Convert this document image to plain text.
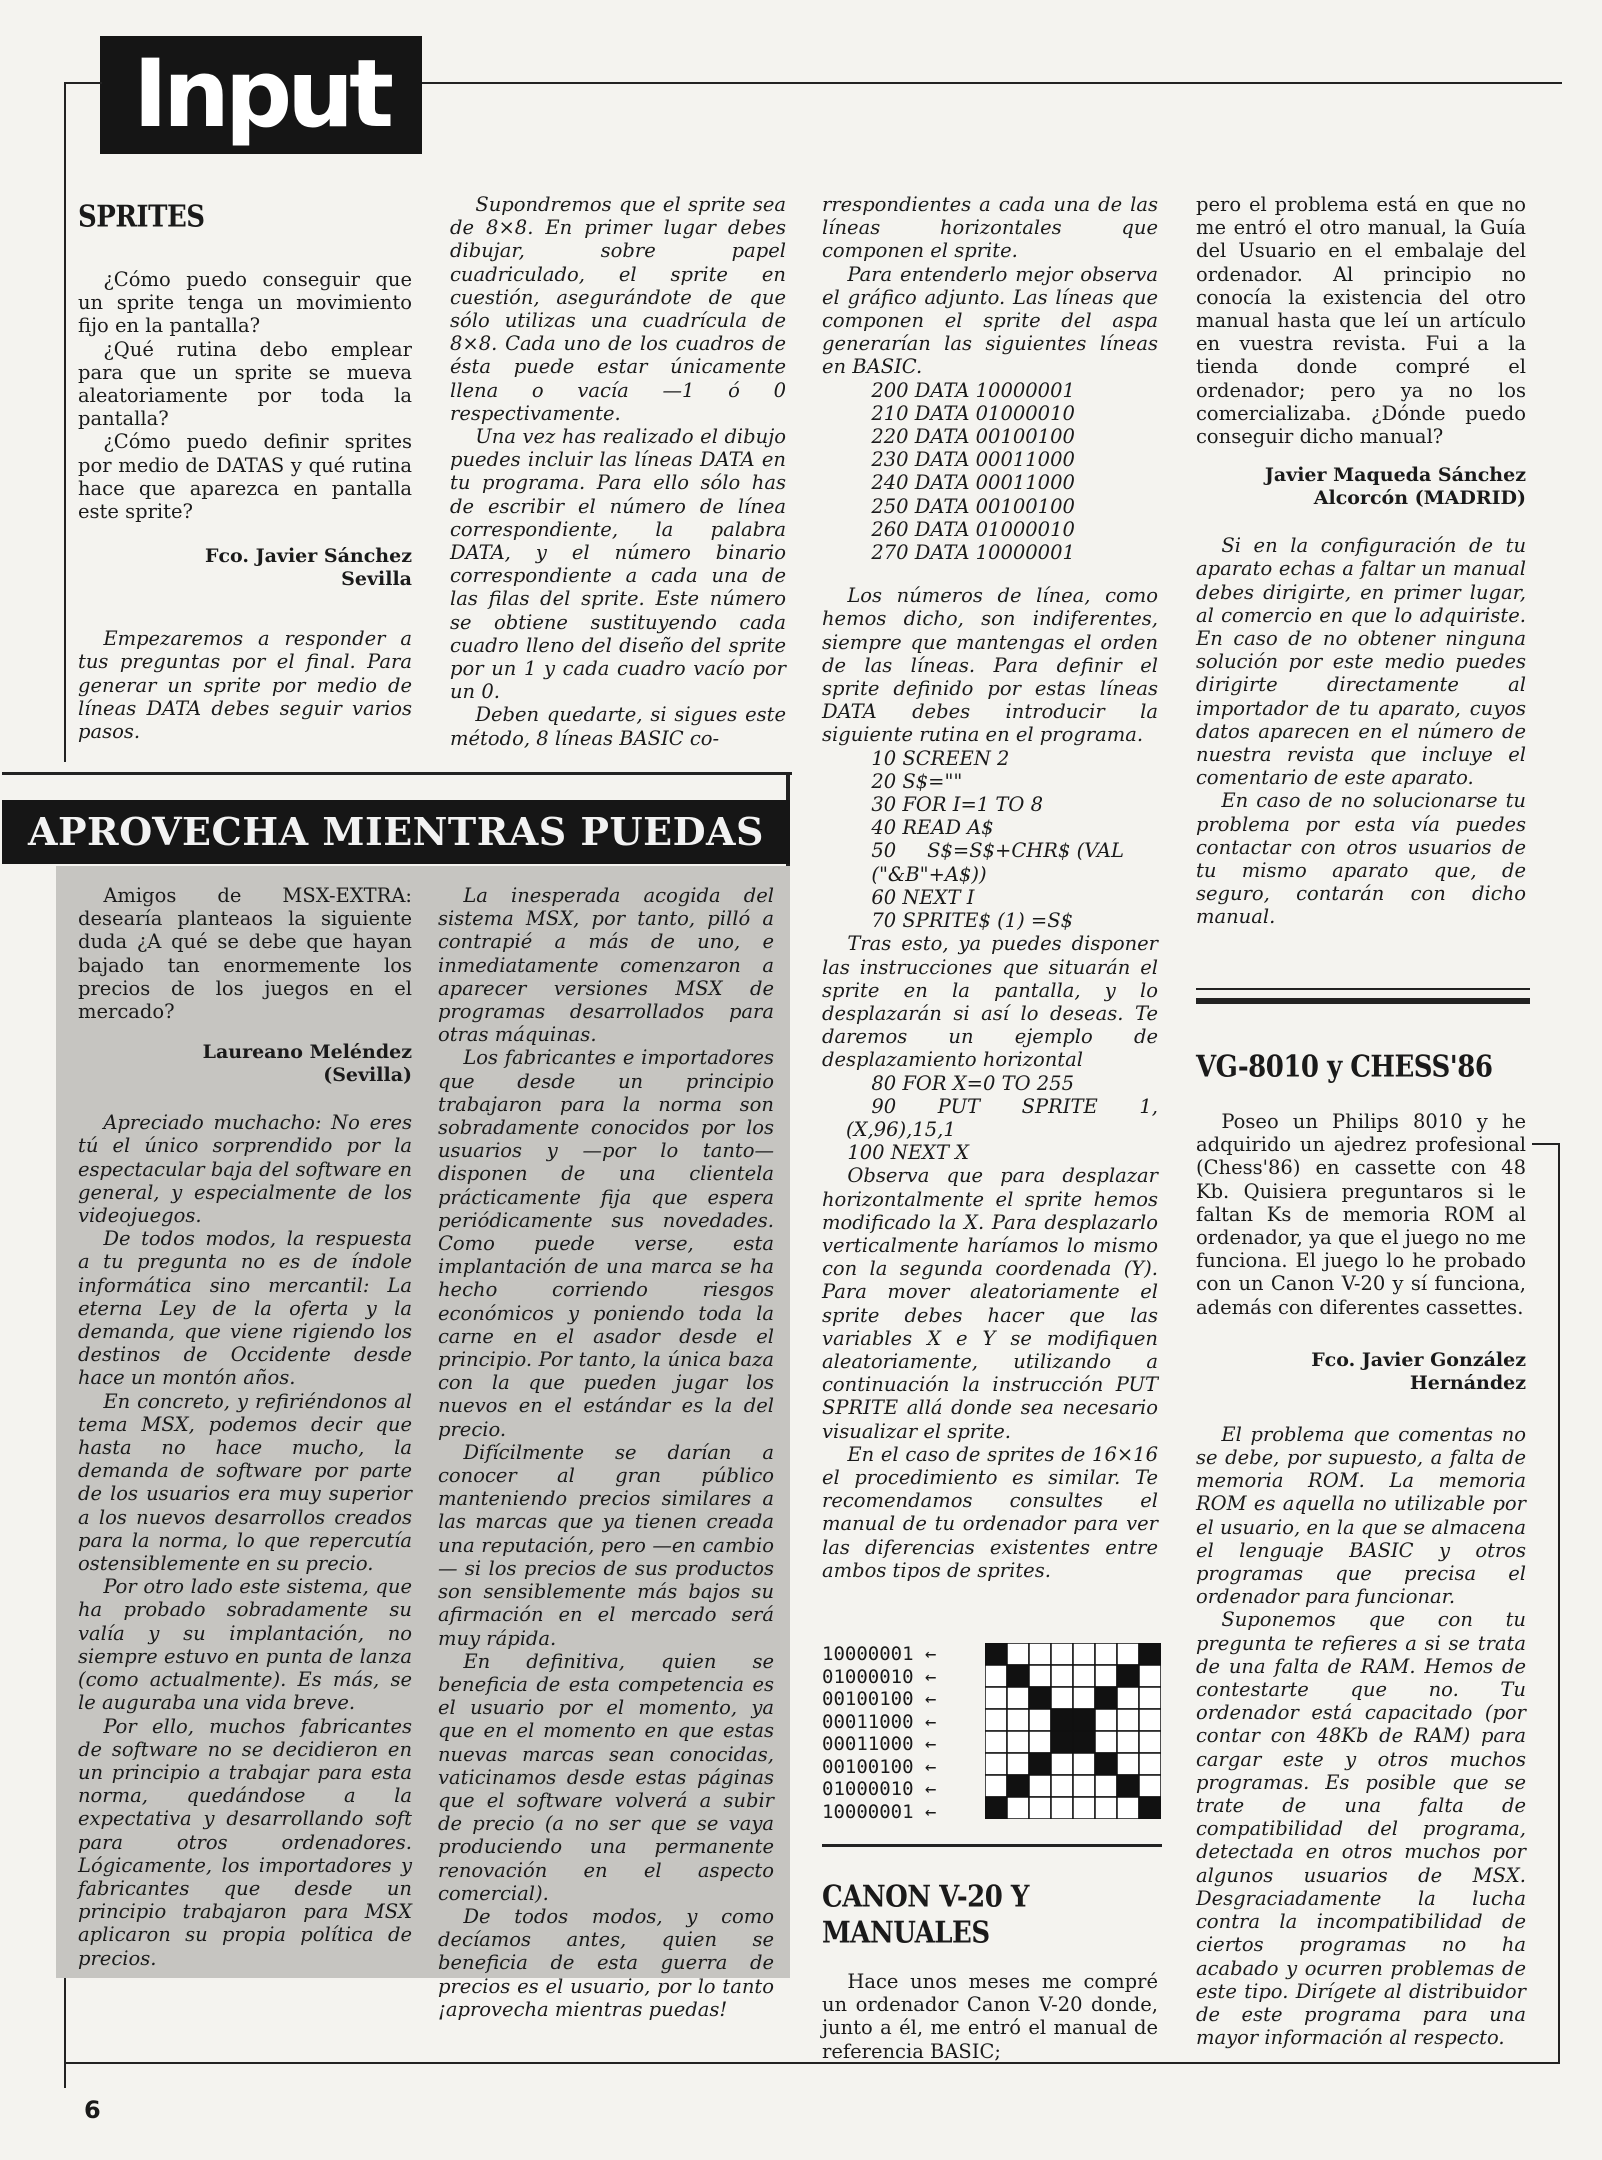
Input
SPRITES

¿Cómo puedo conseguir que un sprite tenga un movimiento fijo en la pantalla?

¿Qué rutina debo emplear para que un sprite se mueva aleatoriamente por toda la pantalla?

¿Cómo puedo definir sprites por medio de DATAS y qué rutina hace que aparezca en pantalla este sprite?

Fco. Javier Sánchez

Sevilla

Empezaremos a responder a tus preguntas por el final. Para generar un sprite por medio de líneas DATA debes seguir varios pasos.

Supondremos que el sprite sea de 8×8. En primer lugar debes dibujar, sobre papel cuadriculado, el sprite en cuestión, asegurándote de que sólo utilizas una cuadrícula de 8×8. Cada uno de los cuadros de ésta puede estar únicamente llena o vacía —1 ó 0 respectivamente.

Una vez has realizado el dibujo puedes incluir las líneas DATA en tu programa. Para ello sólo has de escribir el número de línea correspondiente, la palabra DATA, y el número binario correspondiente a cada una de las filas del sprite. Este número se obtiene sustituyendo cada cuadro lleno del diseño del sprite por un 1 y cada cuadro vacío por un 0.

Deben quedarte, si sigues este método, 8 líneas BASIC co-

rrespondientes a cada una de las líneas horizontales que componen el sprite.

Para entenderlo mejor observa el gráfico adjunto. Las líneas que componen el sprite del aspa generarían las siguientes líneas en BASIC.

200 DATA 10000001

210 DATA 01000010

220 DATA 00100100

230 DATA 00011000

240 DATA 00011000

250 DATA 00100100

260 DATA 01000010

270 DATA 10000001

Los números de línea, como hemos dicho, son indiferentes, siempre que mantengas el orden de las líneas. Para definir el sprite definido por estas líneas DATA debes introducir la siguiente rutina en el programa.

10 SCREEN 2

20 S$=""

30 FOR I=1 TO 8

40 READ A$

50     S$=S$+CHR$ (VAL

("&B"+A$))

60 NEXT I

70 SPRITE$ (1) =S$

Tras esto, ya puedes disponer las instrucciones que situarán el sprite en la pantalla, y lo desplazarán si así lo deseas. Te daremos un ejemplo de desplazamiento horizontal

80 FOR X=0 TO 255

90 PUT SPRITE 1, (X,96),15,1

100 NEXT X

Observa que para desplazar horizontalmente el sprite hemos modificado la X. Para desplazarlo verticalmente haríamos lo mismo con la segunda coordenada (Y). Para mover aleatoriamente el sprite debes hacer que las variables X e Y se modifiquen aleatoriamente, utilizando a continuación la instrucción PUT SPRITE allá donde sea necesario visualizar el sprite.

En el caso de sprites de 16×16 el procedimiento es similar. Te recomendamos consultes el manual de tu ordenador para ver las diferencias existentes entre ambos tipos de sprites.

10000001 ←

01000010 ←

00100100 ←

00011000 ←

00011000 ←

00100100 ←

01000010 ←

10000001 ←

CANON V-20 Y
MANUALES

Hace unos meses me compré un ordenador Canon V-20 donde, junto a él, me entró el manual de referencia BASIC;

pero el problema está en que no me entró el otro manual, la Guía del Usuario en el embalaje del ordenador. Al principio no conocía la existencia del otro manual hasta que leí un artículo en vuestra revista. Fui a la tienda donde compré el ordenador; pero ya no los comercializaba. ¿Dónde puedo conseguir dicho manual?

Javier Maqueda Sánchez

Alcorcón (MADRID)

Si en la configuración de tu aparato echas a faltar un manual debes dirigirte, en primer lugar, al comercio en que lo adquiriste. En caso de no obtener ninguna solución por este medio puedes dirigirte directamente al importador de tu aparato, cuyos datos aparecen en el número de nuestra revista que incluye el comentario de este aparato.

En caso de no solucionarse tu problema por esta vía puedes contactar con otros usuarios de tu mismo aparato que, de seguro, contarán con dicho manual.

VG-8010 y CHESS'86

Poseo un Philips 8010 y he adquirido un ajedrez profesional (Chess'86) en cassette con 48 Kb. Quisiera preguntaros si le faltan Ks de memoria ROM al ordenador, ya que el juego no me funciona. El juego lo he probado con un Canon V-20 y sí funciona, además con diferentes cassettes.

Fco. Javier González

Hernández

El problema que comentas no se debe, por supuesto, a falta de memoria ROM. La memoria ROM es aquella no utilizable por el usuario, en la que se almacena el lenguaje BASIC y otros programas que precisa el ordenador para funcionar.

Suponemos que con tu pregunta te refieres a si se trata de una falta de RAM. Hemos de contestarte que no. Tu ordenador está capacitado (por contar con 48Kb de RAM) para cargar este y otros muchos programas. Es posible que se trate de una falta de compatibilidad del programa, detectada en otros muchos por algunos usuarios de MSX. Desgraciadamente la lucha contra la incompatibilidad de ciertos programas no ha acabado y ocurren problemas de este tipo. Dirígete al distribuidor de este programa para una mayor información al respecto.

APROVECHA MIENTRAS PUEDAS

Amigos de MSX-EXTRA: desearía planteaos la siguiente duda ¿A qué se debe que hayan bajado tan enormemente los precios de los juegos en el mercado?

Laureano Meléndez

(Sevilla)

Apreciado muchacho: No eres tú el único sorprendido por la espectacular baja del software en general, y especialmente de los videojuegos.

De todos modos, la respuesta a tu pregunta no es de índole informática sino mercantil: La eterna Ley de la oferta y la demanda, que viene rigiendo los destinos de Occidente desde hace un montón años.

En concreto, y refiriéndonos al tema MSX, podemos decir que hasta no hace mucho, la demanda de software por parte de los usuarios era muy superior a los nuevos desarrollos creados para la norma, lo que repercutía ostensiblemente en su precio.

Por otro lado este sistema, que ha probado sobradamente su valía y su implantación, no siempre estuvo en punta de lanza (como actualmente). Es más, se le auguraba una vida breve.

Por ello, muchos fabricantes de software no se decidieron en un principio a trabajar para esta norma, quedándose a la expectativa y desarrollando soft para otros ordenadores. Lógicamente, los importadores y fabricantes que desde un principio trabajaron para MSX aplicaron su propia política de precios.

La inesperada acogida del sistema MSX, por tanto, pilló a contrapié a más de uno, e inmediatamente comenzaron a aparecer versiones MSX de programas desarrollados para otras máquinas.

Los fabricantes e importadores que desde un principio trabajaron para la norma son sobradamente conocidos por los usuarios y —por lo tanto— disponen de una clientela prácticamente fija que espera periódicamente sus novedades. Como puede verse, esta implantación de una marca se ha hecho corriendo riesgos económicos y poniendo toda la carne en el asador desde el principio. Por tanto, la única baza con la que pueden jugar los nuevos en el estándar es la del precio.

Difícilmente se darían a conocer al gran público manteniendo precios similares a las marcas que ya tienen creada una reputación, pero —en cambio— si los precios de sus productos son sensiblemente más bajos su afirmación en el mercado será muy rápida.

En definitiva, quien se beneficia de esta competencia es el usuario por el momento, ya que en el momento en que estas nuevas marcas sean conocidas, vaticinamos desde estas páginas que el software volverá a subir de precio (a no ser que se vaya produciendo una permanente renovación en el aspecto comercial).

De todos modos, y como decíamos antes, quien se beneficia de esta guerra de precios es el usuario, por lo tanto ¡aprovecha mientras puedas!

6
